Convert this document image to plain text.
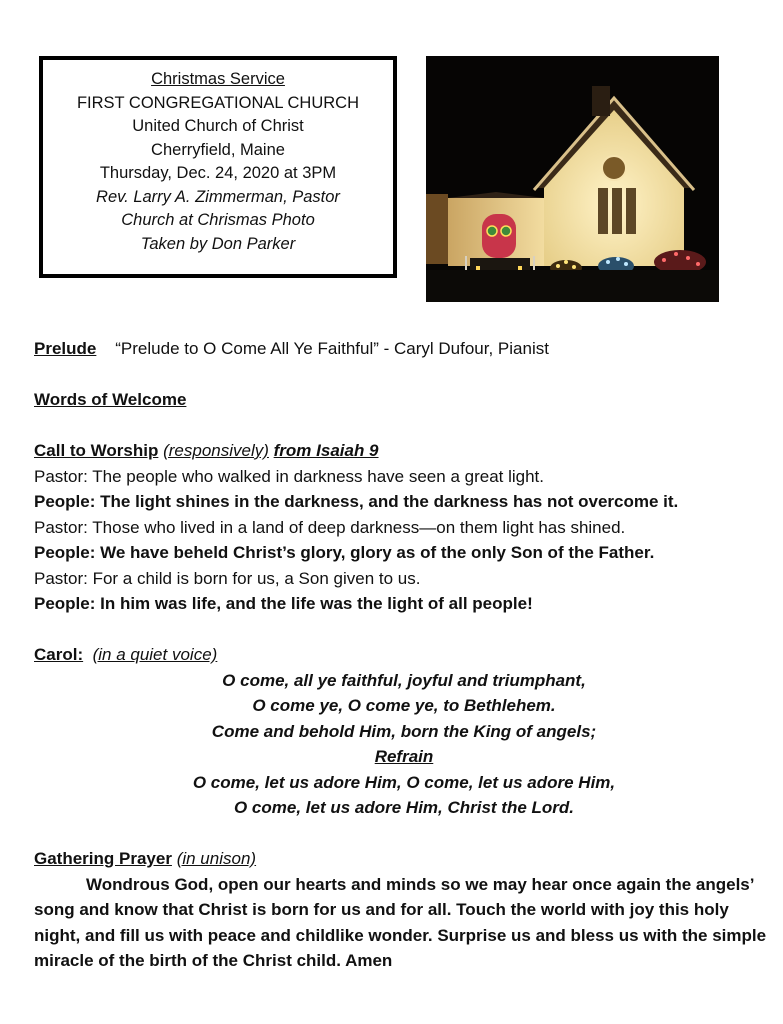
Christmas Service
FIRST CONGREGATIONAL CHURCH
United Church of Christ
Cherryfield, Maine
Thursday, Dec. 24, 2020 at 3PM
Rev. Larry A. Zimmerman, Pastor
Church at Chrismas Photo
Taken by Don Parker
Prelude “Prelude to O Come All Ye Faithful” - Caryl Dufour, Pianist
Words of Welcome
Call to Worship (responsively) from Isaiah 9
Pastor: The people who walked in darkness have seen a great light.
People: The light shines in the darkness, and the darkness has not overcome it.
Pastor: Those who lived in a land of deep darkness—on them light has shined.
People: We have beheld Christ’s glory, glory as of the only Son of the Father.
Pastor: For a child is born for us, a Son given to us.
People: In him was life, and the life was the light of all people!
Carol: (in a quiet voice)
O come, all ye faithful, joyful and triumphant,
O come ye, O come ye, to Bethlehem.
Come and behold Him, born the King of angels;
Refrain
O come, let us adore Him, O come, let us adore Him,
O come, let us adore Him, Christ the Lord.
Gathering Prayer (in unison)
Wondrous God, open our hearts and minds so we may hear once again the angels’ song and know that Christ is born for us and for all. Touch the world with joy this holy night, and fill us with peace and childlike wonder. Surprise us and bless us with the simple miracle of the birth of the Christ child. Amen
